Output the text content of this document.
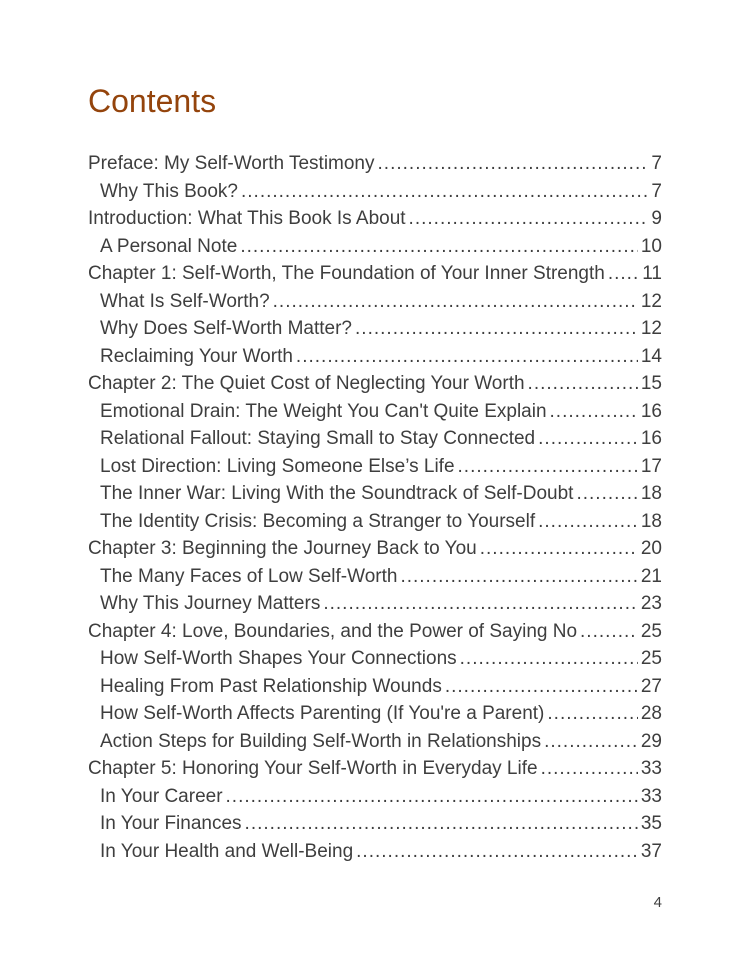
Contents
Preface: My Self-Worth Testimony .....	7
Why This Book? .....	7
Introduction: What This Book Is About .....	9
A Personal Note .....	10
Chapter 1: Self-Worth, The Foundation of Your Inner Strength ..... 11
What Is Self-Worth? .....	12
Why Does Self-Worth Matter? .....	12
Reclaiming Your Worth .....	14
Chapter 2: The Quiet Cost of Neglecting Your Worth .....	15
Emotional Drain: The Weight You Can't Quite Explain .....	16
Relational Fallout: Staying Small to Stay Connected .....	16
Lost Direction: Living Someone Else’s Life .....	17
The Inner War: Living With the Soundtrack of Self-Doubt .....	18
The Identity Crisis: Becoming a Stranger to Yourself .....	18
Chapter 3: Beginning the Journey Back to You .....	20
The Many Faces of Low Self-Worth .....	21
Why This Journey Matters .....	23
Chapter 4: Love, Boundaries, and the Power of Saying No .....	25
How Self-Worth Shapes Your Connections .....	25
Healing From Past Relationship Wounds .....	27
How Self-Worth Affects Parenting (If You're a Parent) .....	28
Action Steps for Building Self-Worth in Relationships .....	29
Chapter 5: Honoring Your Self-Worth in Everyday Life .....	33
In Your Career .....	33
In Your Finances .....	35
In Your Health and Well-Being .....	37
4
